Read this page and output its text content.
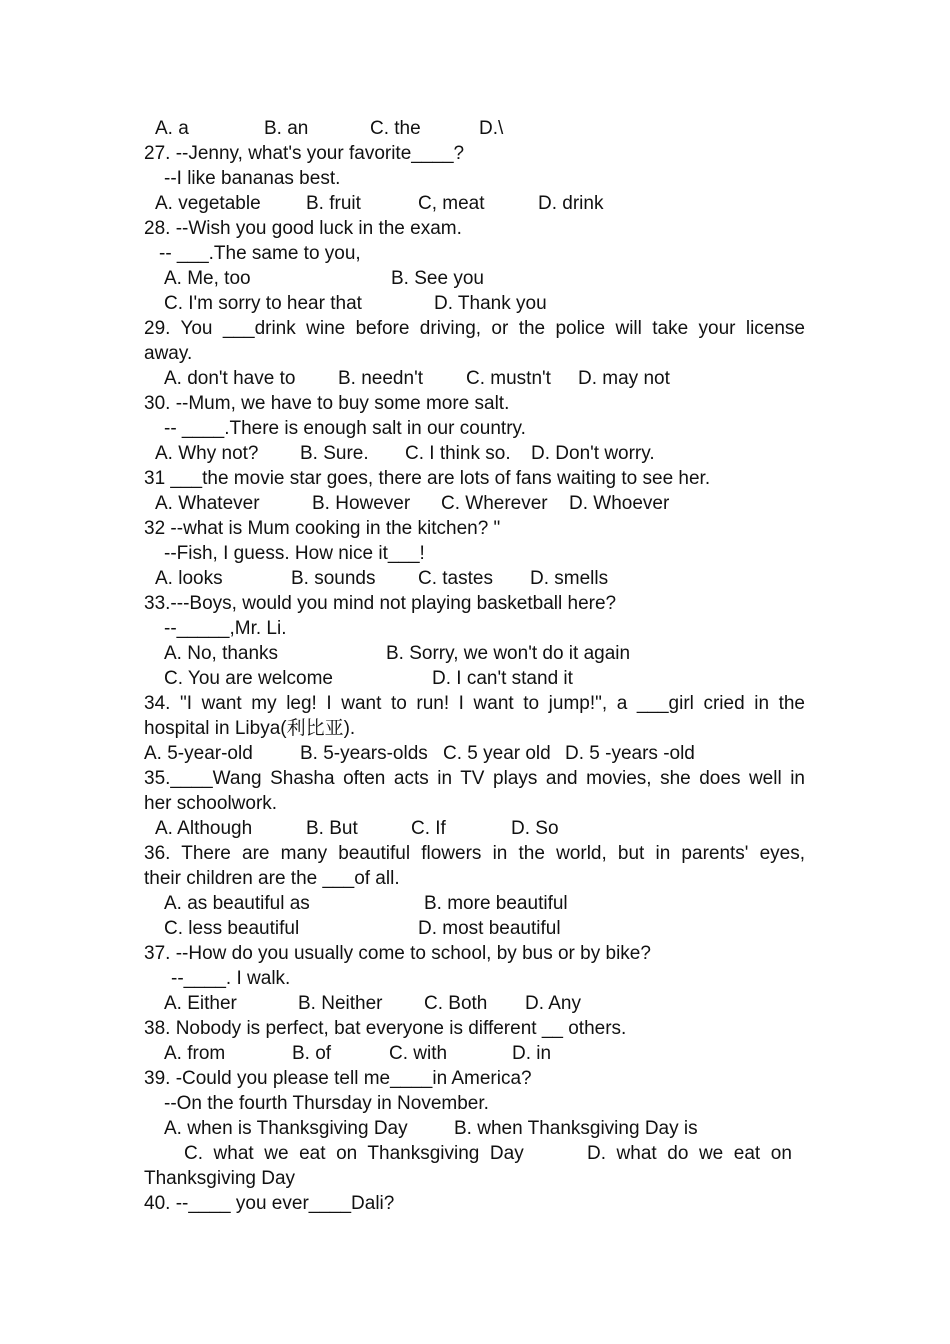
A. a	B. an	C. the	D.\
27. --Jenny, what's your favorite____?
--I like bananas best.
A. vegetable B. fruit	C, meat	D. drink
28. --Wish you good luck in the exam.
-- ___.The same to you,
A. Me, too	B. See you
C. I'm sorry to hear that	D. Thank you
29. You ___drink wine before driving, or the police will take your license
away.
A. don't have to B. needn't C. mustn't D. may not
30. --Mum, we have to buy some more salt.
-- ____.There is enough salt in our country.
A. Why not? B. Sure. C. I think so. D. Don't worry.
31 ___the movie star goes, there are lots of fans waiting to see her.
A. Whatever	B. However C. Wherever D. Whoever
32 --what is Mum cooking in the kitchen? "
--Fish, I guess. How nice it___!
A. looks	B. sounds C. tastes D. smells
33.---Boys, would you mind not playing basketball here?
--_____,Mr. Li.
A. No, thanks	B. Sorry, we won't do it again
C. You are welcome	D. I can't stand it
34. "I want my leg! I want to run! I want to jump!", a ___girl cried in the
hospital in Libya(利比亚).
A. 5-year-old B. 5-years-olds C. 5 year old D. 5 -years -old
35.____Wang Shasha often acts in TV plays and movies, she does well in
her schoolwork.
A. Although	B. But	C. If	D. So
36. There are many beautiful flowers in the world, but in parents' eyes,
their children are the ___of all.
A. as beautiful as	B. more beautiful
C. less beautiful	D. most beautiful
37. --How do you usually come to school, by bus or by bike?
--____. I walk.
A. Either	B. Neither C. Both D. Any
38. Nobody is perfect, bat everyone is different __ others.
A. from	B. of	C. with	D. in
39. -Could you please tell me____in America?
--On the fourth Thursday in November.
A. when is Thanksgiving Day B. when Thanksgiving Day is
C.  what  we  eat  on  Thanksgiving  Day	D.  what  do  we  eat  on
Thanksgiving Day
40. --____ you ever____Dali?
